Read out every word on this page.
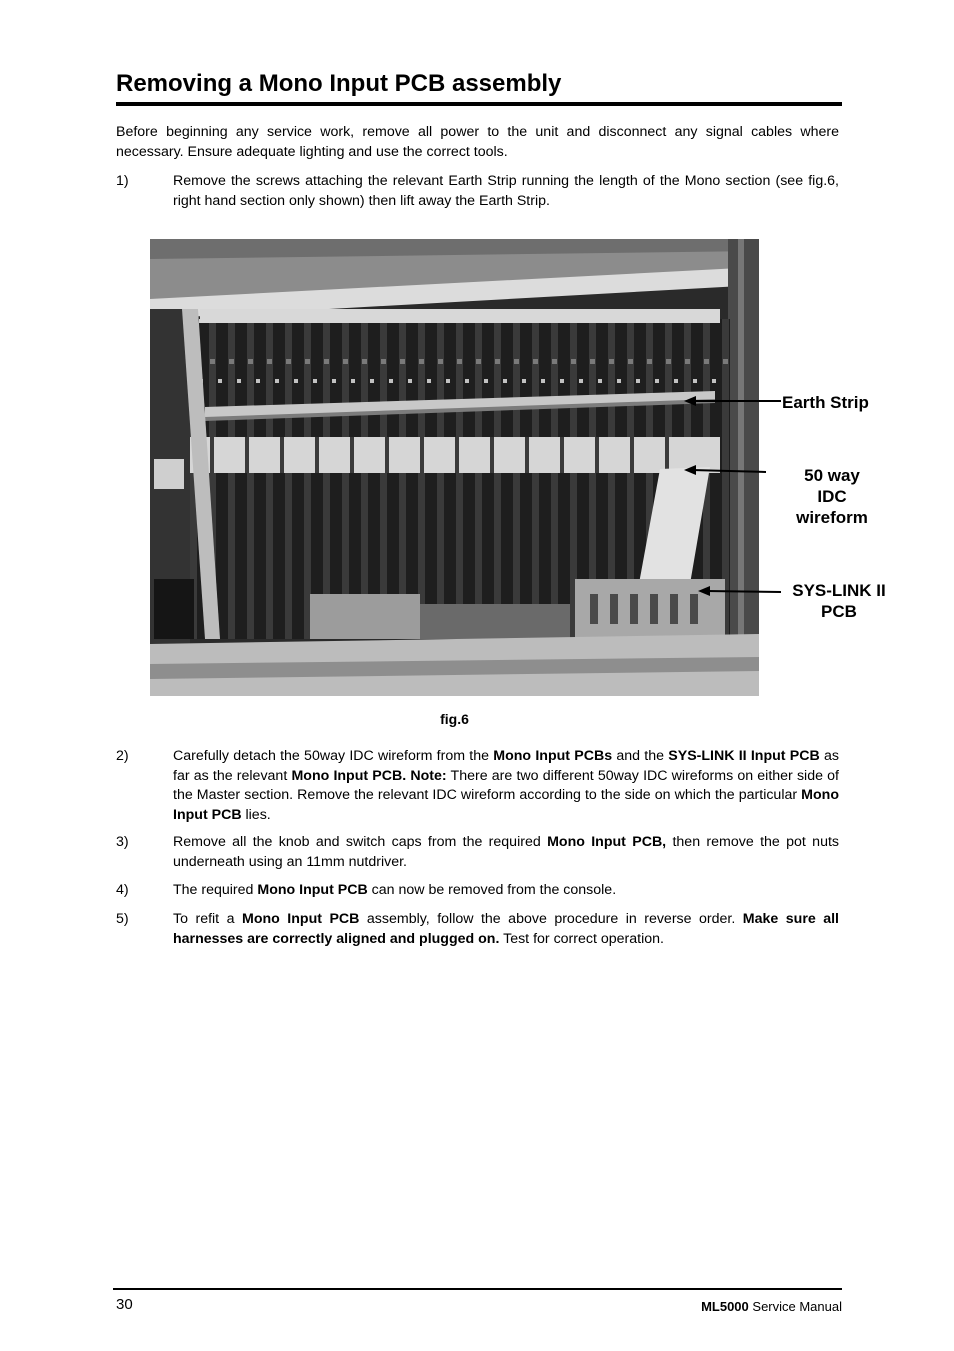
Removing a Mono Input PCB assembly
Before beginning any service work, remove all power to the unit and disconnect any signal cables where necessary. Ensure adequate lighting and use the correct tools.
1)	Remove the screws attaching the relevant Earth Strip running the length of the Mono section (see fig.6, right hand section only shown) then lift away the Earth Strip.
Earth Strip
50 way
IDC
wireform
SYS-LINK II
PCB
fig.6
2)	Carefully detach the 50way IDC wireform from the Mono Input PCBs and the SYS-LINK II Input PCB as far as the relevant Mono Input PCB. Note: There are two different 50way IDC wireforms on either side of the Master section. Remove the relevant IDC wireform according to the side on which the particular Mono Input PCB lies.
3)	Remove all the knob and switch caps from the required Mono Input PCB, then remove the pot nuts underneath using an 11mm nutdriver.
4)	The required Mono Input PCB can now be removed from the console.
5)	To refit a Mono Input PCB assembly, follow the above procedure in reverse order. Make sure all harnesses are correctly aligned and plugged on. Test for correct operation.
30	ML5000 Service Manual
